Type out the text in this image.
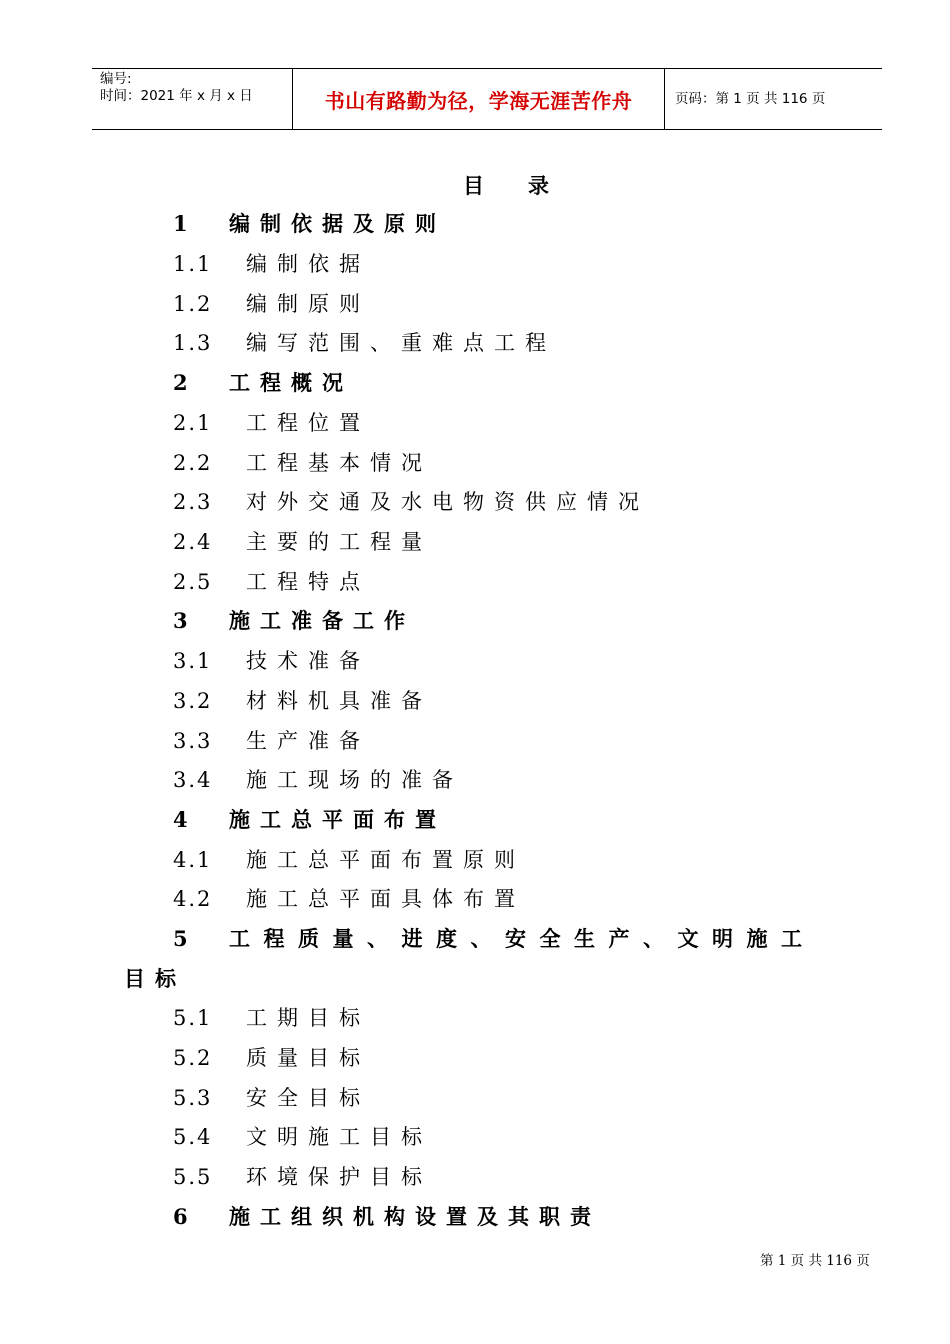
编号:
时间：2021 年 x 月 x 日	书山有路勤为径，学海无涯苦作舟	页码：第 1 页 共 116 页
目录
1 编制依据及原则
1.1 编制依据
1.2 编制原则
1.3 编写范围、重难点工程
2 工程概况
2.1 工程位置
2.2 工程基本情况
2.3 对外交通及水电物资供应情况
2.4 主要的工程量
2.5 工程特点
3 施工准备工作
3.1 技术准备
3.2 材料机具准备
3.3 生产准备
3.4 施工现场的准备
4 施工总平面布置
4.1 施工总平面布置原则
4.2 施工总平面具体布置
5 工程质量、进度、安全生产、文明施工
目标
5.1 工期目标
5.2 质量目标
5.3 安全目标
5.4 文明施工目标
5.5 环境保护目标
6 施工组织机构设置及其职责
第 1 页 共 116 页
